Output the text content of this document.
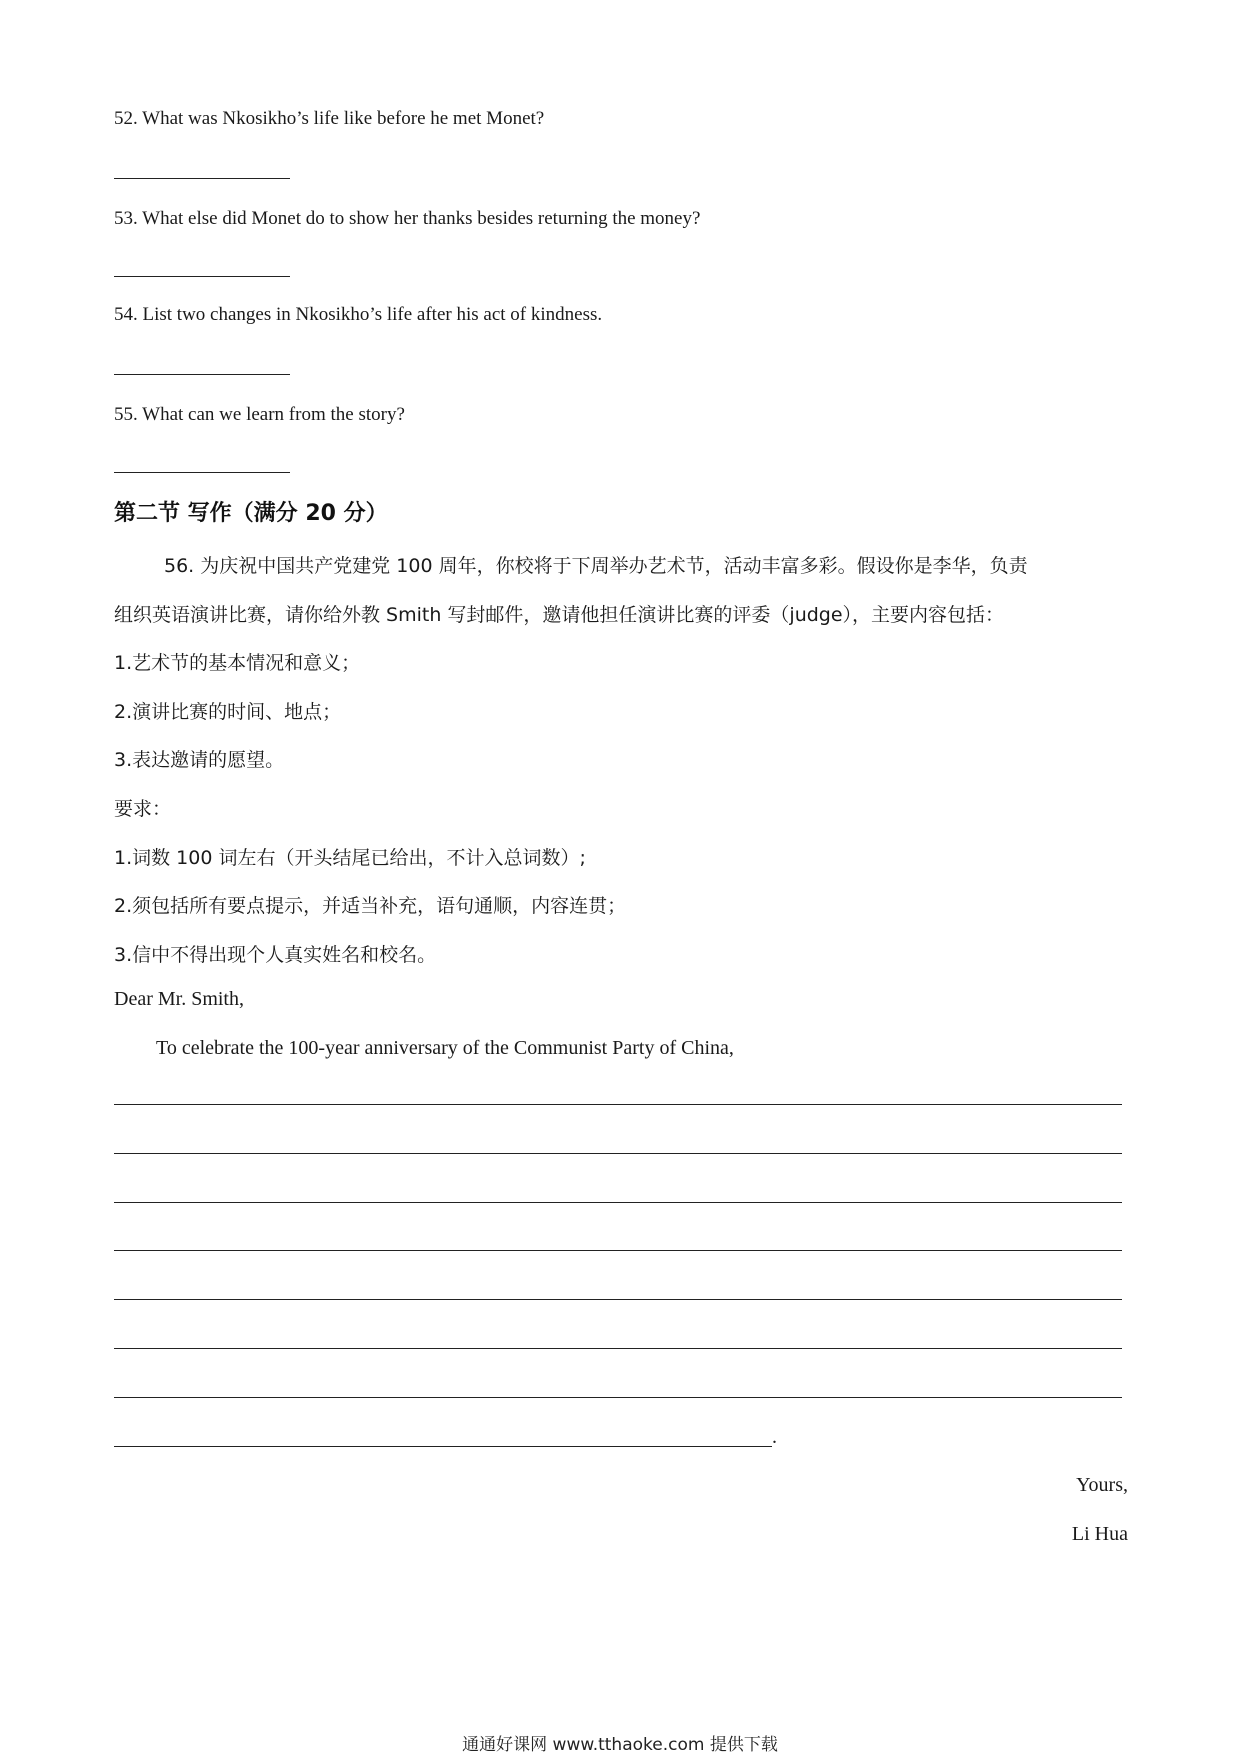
52. What was Nkosikho’s life like before he met Monet?
53. What else did Monet do to show her thanks besides returning the money?
54. List two changes in Nkosikho’s life after his act of kindness.
55. What can we learn from the story?
第二节 写作（满分 20 分）
56. 为庆祝中国共产党建党 100 周年，你校将于下周举办艺术节，活动丰富多彩。假设你是李华，负责
组织英语演讲比赛，请你给外教 Smith 写封邮件，邀请他担任演讲比赛的评委（judge），主要内容包括：
1.艺术节的基本情况和意义；
2.演讲比赛的时间、地点；
3.表达邀请的愿望。
要求：
1.词数 100 词左右（开头结尾已给出，不计入总词数）;
2.须包括所有要点提示，并适当补充，语句通顺，内容连贯；
3.信中不得出现个人真实姓名和校名。
Dear Mr. Smith,
To celebrate the 100-year anniversary of the Communist Party of China,
.
Yours,
Li Hua
通通好课网 www.tthaoke.com 提供下载
